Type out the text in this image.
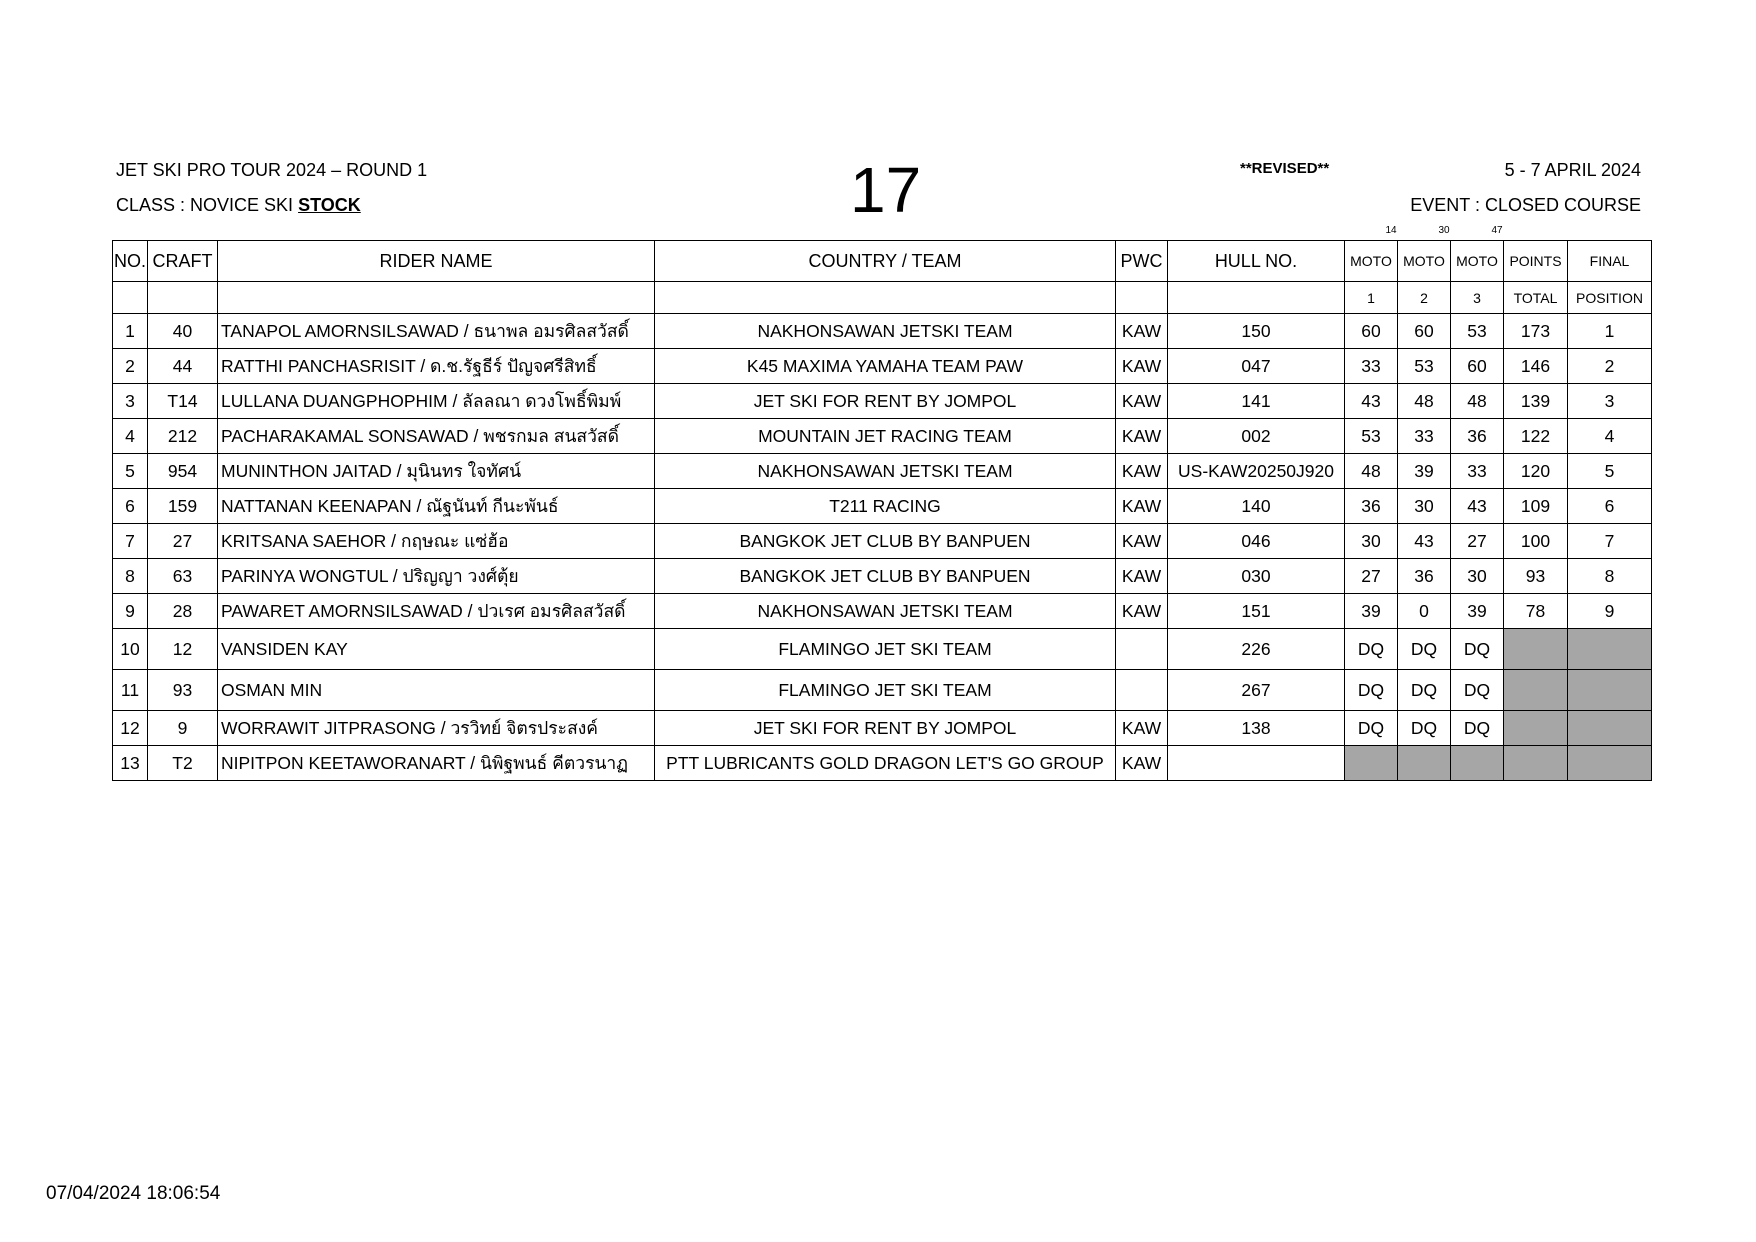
JET SKI PRO TOUR 2024 – ROUND 1
CLASS : NOVICE SKI STOCK	17	**REVISED**	5 - 7 APRIL 2024
EVENT : CLOSED COURSE
14	30	47
NO.	CRAFT	RIDER NAME	COUNTRY / TEAM	PWC	HULL NO.	MOTO	MOTO	MOTO	POINTS	FINAL
						1	2	3	TOTAL	POSITION
1	40	TANAPOL AMORNSILSAWAD / ธนาพล อมรศิลสวัสดิ์	NAKHONSAWAN JETSKI TEAM	KAW	150	60	60	53	173	1
2	44	RATTHI PANCHASRISIT / ด.ช.รัฐธีร์ ปัญจศรีสิทธิ์	K45 MAXIMA YAMAHA TEAM PAW	KAW	047	33	53	60	146	2
3	T14	LULLANA DUANGPHOPHIM / ลัลลณา ดวงโพธิ์พิมพ์	JET SKI FOR RENT BY JOMPOL	KAW	141	43	48	48	139	3
4	212	PACHARAKAMAL SONSAWAD / พชรกมล สนสวัสดิ์	MOUNTAIN JET RACING TEAM	KAW	002	53	33	36	122	4
5	954	MUNINTHON JAITAD / มุนินทร ใจทัศน์	NAKHONSAWAN JETSKI TEAM	KAW	US-KAW20250J920	48	39	33	120	5
6	159	NATTANAN KEENAPAN / ณัฐนันท์ กีนะพันธ์	T211 RACING	KAW	140	36	30	43	109	6
7	27	KRITSANA SAEHOR / กฤษณะ แซ่ฮ้อ	BANGKOK JET CLUB BY BANPUEN	KAW	046	30	43	27	100	7
8	63	PARINYA WONGTUL / ปริญญา วงศ์ตุ้ย	BANGKOK JET CLUB BY BANPUEN	KAW	030	27	36	30	93	8
9	28	PAWARET AMORNSILSAWAD / ปวเรศ อมรศิลสวัสดิ์	NAKHONSAWAN JETSKI TEAM	KAW	151	39	0	39	78	9
10	12	VANSIDEN KAY	FLAMINGO JET SKI TEAM		226	DQ	DQ	DQ		
11	93	OSMAN MIN	FLAMINGO JET SKI TEAM		267	DQ	DQ	DQ		
12	9	WORRAWIT JITPRASONG / วรวิทย์ จิตรประสงค์	JET SKI FOR RENT BY JOMPOL	KAW	138	DQ	DQ	DQ		
13	T2	NIPITPON KEETAWORANART / นิพิฐพนธ์ คีตวรนาฏ	PTT LUBRICANTS GOLD DRAGON LET'S GO GROUP	KAW						
07/04/2024 18:06:54
